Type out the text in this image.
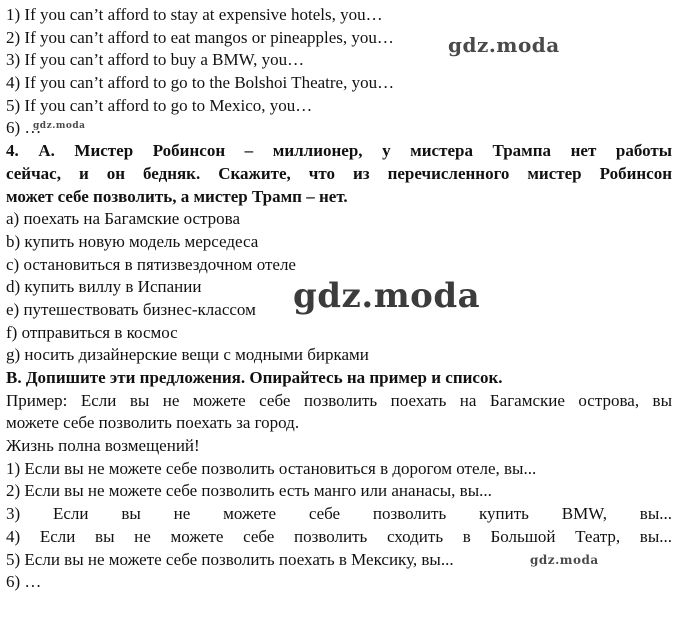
1) If you can’t afford to stay at expensive hotels, you…
2) If you can’t afford to eat mangos or pineapples, you…
3) If you can’t afford to buy a BMW, you…
4) If you can’t afford to go to the Bolshoi Theatre, you…
5) If you can’t afford to go to Mexico, you…
6) …
4. А. Мистер Робинсон – миллионер, у мистера Трампа нет работы
сейчас, и он бедняк. Скажите, что из перечисленного мистер Робинсон
может себе позволить, а мистер Трамп – нет.
a) поехать на Багамские острова
b) купить новую модель мерседеса
c) остановиться в пятизвездочном отеле
d) купить виллу в Испании
e) путешествовать бизнес-классом
f) отправиться в космос
g) носить дизайнерские вещи с модными бирками
B. Допишите эти предложения. Опирайтесь на пример и список.
Пример: Если вы не можете себе позволить поехать на Багамские острова, вы
можете себе позволить поехать за город.
Жизнь полна возмещений!
1) Если вы не можете себе позволить остановиться в дорогом отеле, вы...
2) Если вы не можете себе позволить есть манго или ананасы, вы...
3) Если вы не можете себе позволить купить BMW, вы...
4) Если вы не можете себе позволить сходить в Большой Театр, вы...
5) Если вы не можете себе позволить поехать в Мексику, вы...
6) …
gdz.moda
gdz.moda
gdz.moda
gdz.moda
